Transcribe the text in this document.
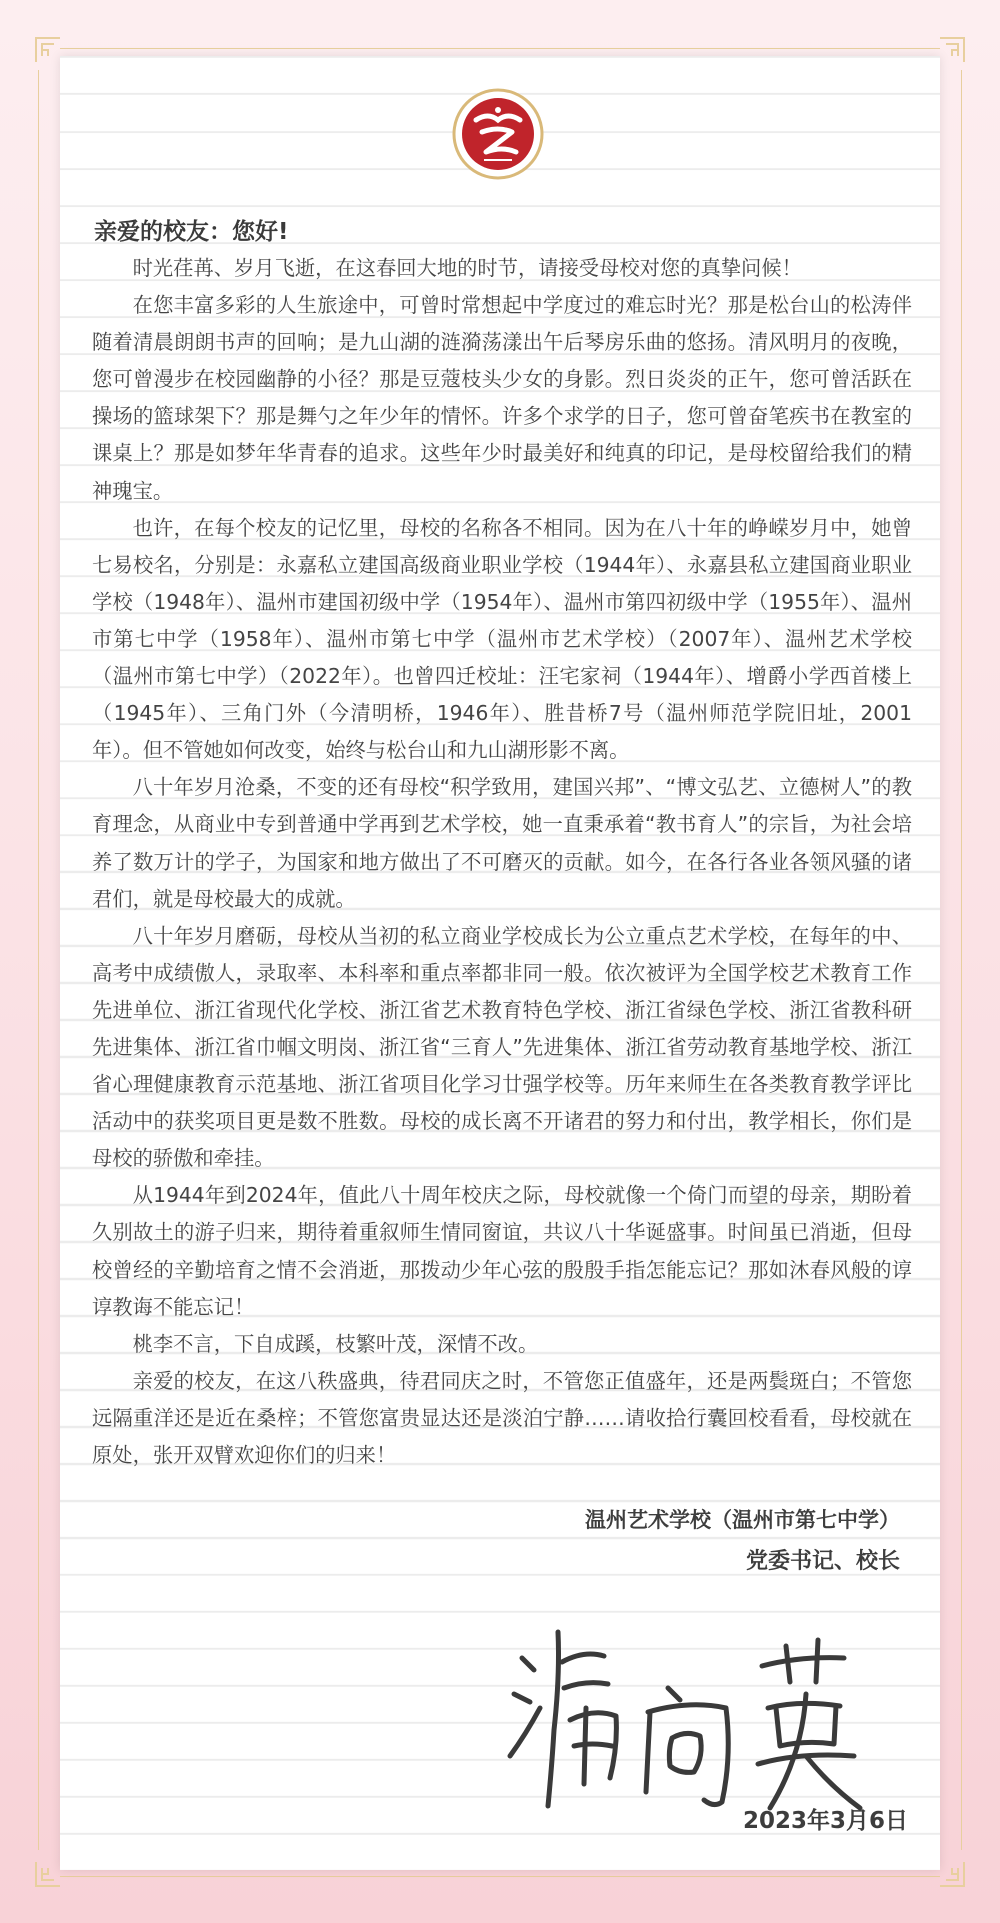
亲爱的校友：您好!

时光荏苒、岁月飞逝，在这春回大地的时节，请接受母校对您的真挚问候！

在您丰富多彩的人生旅途中，可曾时常想起中学度过的难忘时光？那是松台山的松涛伴随着清晨朗朗书声的回响；是九山湖的涟漪荡漾出午后琴房乐曲的悠扬。清风明月的夜晚，您可曾漫步在校园幽静的小径？那是豆蔻枝头少女的身影。烈日炎炎的正午，您可曾活跃在操场的篮球架下？那是舞勺之年少年的情怀。许多个求学的日子，您可曾奋笔疾书在教室的课桌上？那是如梦年华青春的追求。这些年少时最美好和纯真的印记，是母校留给我们的精神瑰宝。

也许，在每个校友的记忆里，母校的名称各不相同。因为在八十年的峥嵘岁月中，她曾七易校名，分别是：永嘉私立建国高级商业职业学校（1944年）、永嘉县私立建国商业职业学校（1948年）、温州市建国初级中学（1954年）、温州市第四初级中学（1955年）、温州市第七中学（1958年）、温州市第七中学（温州市艺术学校）（2007年）、温州艺术学校（温州市第七中学）（2022年）。也曾四迁校址：汪宅家祠（1944年）、增爵小学西首楼上（1945年）、三角门外（今清明桥，1946年）、胜昔桥7号（温州师范学院旧址，2001年）。但不管她如何改变，始终与松台山和九山湖形影不离。

八十年岁月沧桑，不变的还有母校“积学致用，建国兴邦”、“博文弘艺、立德树人”的教育理念，从商业中专到普通中学再到艺术学校，她一直秉承着“教书育人”的宗旨，为社会培养了数万计的学子，为国家和地方做出了不可磨灭的贡献。如今，在各行各业各领风骚的诸君们，就是母校最大的成就。

八十年岁月磨砺，母校从当初的私立商业学校成长为公立重点艺术学校，在每年的中、高考中成绩傲人，录取率、本科率和重点率都非同一般。依次被评为全国学校艺术教育工作先进单位、浙江省现代化学校、浙江省艺术教育特色学校、浙江省绿色学校、浙江省教科研先进集体、浙江省巾帼文明岗、浙江省“三育人”先进集体、浙江省劳动教育基地学校、浙江省心理健康教育示范基地、浙江省项目化学习廿强学校等。历年来师生在各类教育教学评比活动中的获奖项目更是数不胜数。母校的成长离不开诸君的努力和付出，教学相长，你们是母校的骄傲和牵挂。

从1944年到2024年，值此八十周年校庆之际，母校就像一个倚门而望的母亲，期盼着久别故土的游子归来，期待着重叙师生情同窗谊，共议八十华诞盛事。时间虽已消逝，但母校曾经的辛勤培育之情不会消逝，那拨动少年心弦的殷殷手指怎能忘记？那如沐春风般的谆谆教诲不能忘记！

桃李不言，下自成蹊，枝繁叶茂，深情不改。

亲爱的校友，在这八秩盛典，待君同庆之时，不管您正值盛年，还是两鬓斑白；不管您远隔重洋还是近在桑梓；不管您富贵显达还是淡泊宁静……请收拾行囊回校看看，母校就在原处，张开双臂欢迎你们的归来！

温州艺术学校（温州市第七中学）
党委书记、校长
2023年3月6日
